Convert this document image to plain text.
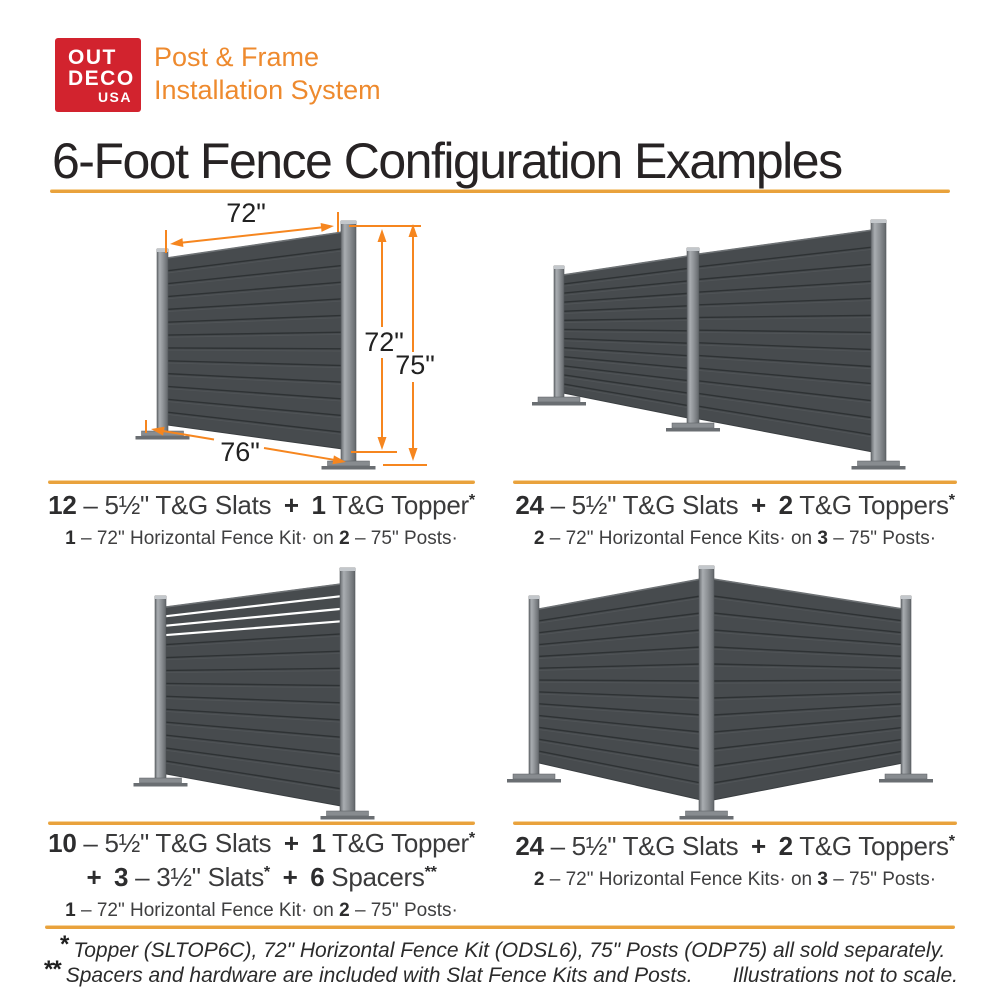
72"
72"
75"
76"
OUT
DECO
USA
Post & Frame
Installation System
6-Foot Fence Configuration Examples
12 – 5½" T&G Slats + 1 T&G Topper*
1 – 72" Horizontal Fence Kit· on 2 – 75" Posts·
24 – 5½" T&G Slats + 2 T&G Toppers*
2 – 72" Horizontal Fence Kits· on 3 – 75" Posts·
10 – 5½" T&G Slats + 1 T&G Topper*
+ 3 – 3½" Slats* + 6 Spacers**
1 – 72" Horizontal Fence Kit· on 2 – 75" Posts·
24 – 5½" T&G Slats + 2 T&G Toppers*
2 – 72" Horizontal Fence Kits· on 3 – 75" Posts·
* Topper (SLTOP6C), 72" Horizontal Fence Kit (ODSL6), 75" Posts (ODP75) all sold separately.
** Spacers and hardware are included with Slat Fence Kits and Posts. Illustrations not to scale.
